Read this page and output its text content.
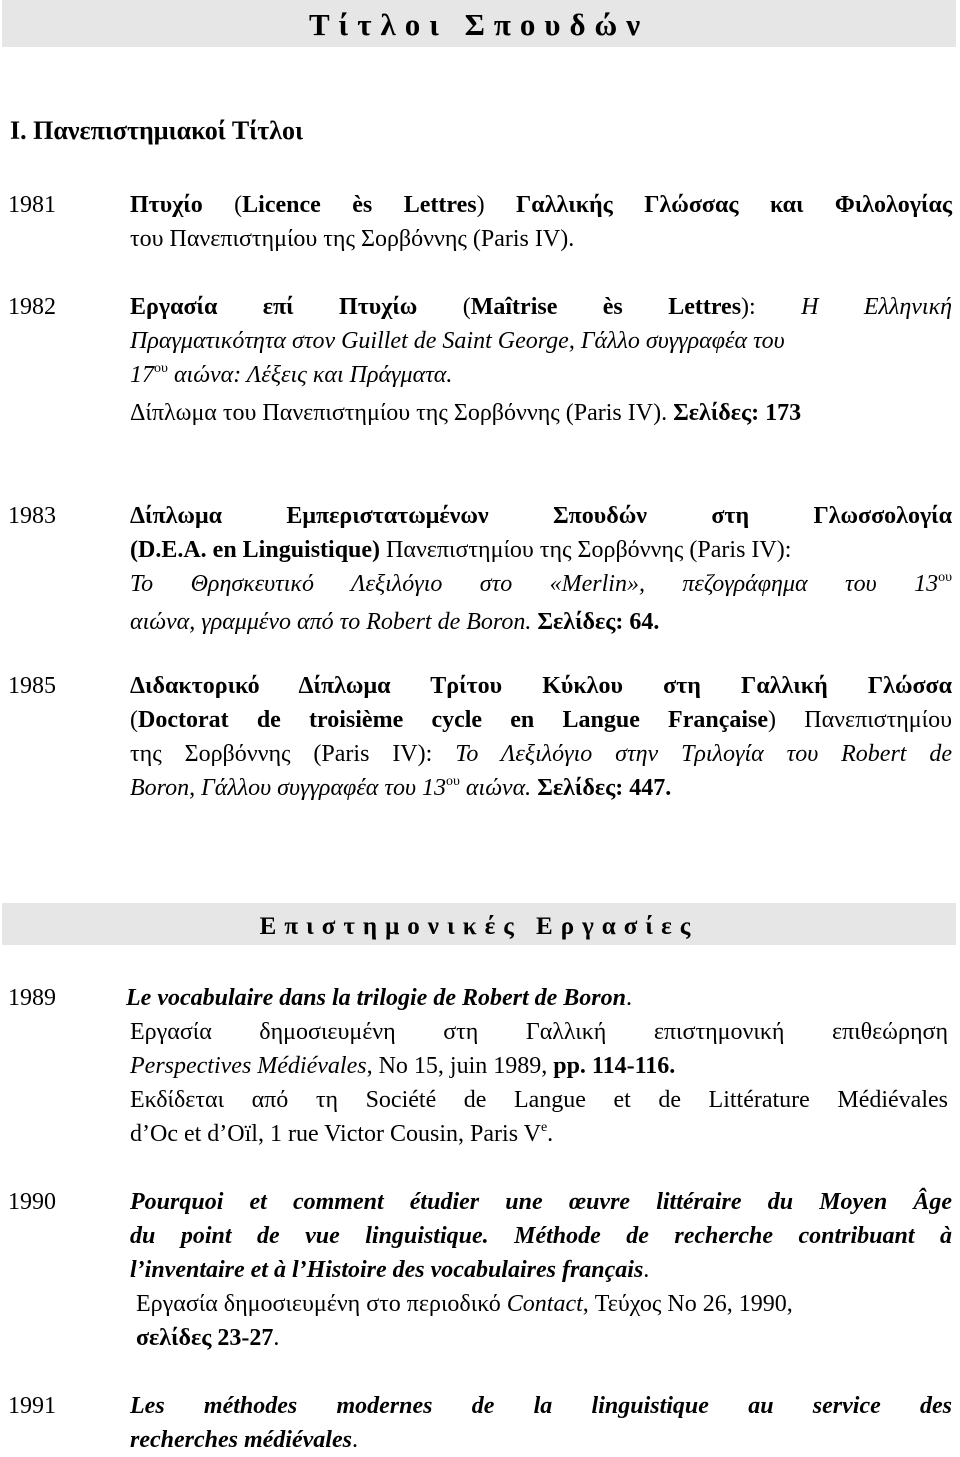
Τίτλοι Σπουδών
Ι. Πανεπιστημιακοί Τίτλοι
1981	Πτυχίο (Licence ès Lettres) Γαλλικής Γλώσσας και Φιλολογίας
του Πανεπιστημίου της Σορβόννης (Paris IV).
1982	Εργασία επί Πτυχίω (Maîtrise ès Lettres): Η Ελληνική
Πραγματικότητα στον Guillet de Saint George, Γάλλο συγγραφέα του
$17^{o\upsilon}$ αιώνα: Λέξεις και Πράγματα.
Δίπλωμα του Πανεπιστημίου της Σορβόννης (Paris IV). Σελίδες: 173
1983	Δίπλωμα Εμπεριστατωμένων Σπουδών στη Γλωσσολογία
(D.E.A. en Linguistique) Πανεπιστημίου της Σορβόννης (Paris IV):
Το Θρησκευτικό Λεξιλόγιο στο «Merlin», πεζογράφημα του $13^{o\upsilon}$
αιώνα, γραμμένο από το Robert de Boron. Σελίδες: 64.
1985	Διδακτορικό Δίπλωμα Τρίτου Κύκλου στη Γαλλική Γλώσσα
(Doctorat de troisième cycle en Langue Française) Πανεπιστημίου
της Σορβόννης (Paris IV): Το Λεξιλόγιο στην Τριλογία του Robert de
Boron, Γάλλου συγγραφέα του $13^{o\upsilon}$ αιώνα. Σελίδες: 447.
Επιστημονικές Εργασίες
1989	Le vocabulaire dans la trilogie de Robert de Boron.
Εργασία δημοσιευμένη στη Γαλλική επιστημονική επιθεώρηση
Perspectives Médiévales, No 15, juin 1989, pp. 114-116.
Εκδίδεται από τη Société de Langue et de Littérature Médiévales
d’Oc et d’Oïl, 1 rue Victor Cousin, Paris Ve.
1990	Pourquoi et comment étudier une œuvre littéraire du Moyen Âge
du point de vue linguistique. Méthode de recherche contribuant à
l’inventaire et à l’Histoire des vocabulaires français.
Εργασία δημοσιευμένη στο περιοδικό Contact, Τεύχος No 26, 1990,
σελίδες 23-27.
1991	Les méthodes modernes de la linguistique au service des
recherches médiévales.
